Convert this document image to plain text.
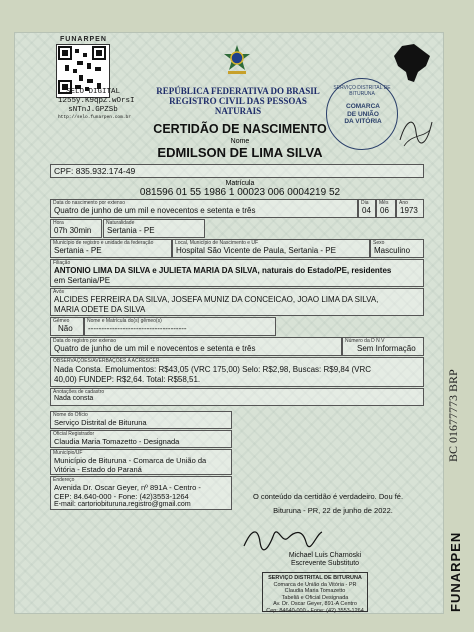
FUNARPEN
SELO DIGITAL
1255y.K9qpZ.wOrsI
sNTnJ.GPZSb
http://selo.funarpen.com.br
REPÚBLICA FEDERATIVA DO BRASIL
REGISTRO CIVIL DAS PESSOAS NATURAIS
SERVIÇO DISTRITAL DE BITURUNA
COMARCA DE UNIÃO DA VITÓRIA
CERTIDÃO DE NASCIMENTO
Nome
EDMILSON DE LIMA SILVA
CPF: 835.932.174-49
Matrícula
081596 01 55 1986 1 00023 006 0004219 52
Data do nascimento por extenso
Quatro de junho de um mil e novecentos e setenta e três
Dia
04
Mês
06
Ano
1973
Hora
07h 30min
Naturalidade
Sertania - PE
Município de registro e unidade da federação
Sertania - PE
Local, Município de Nascimento e UF
Hospital São Vicente de Paula, Sertania - PE
Sexo
Masculino
Filiação
ANTONIO LIMA DA SILVA e JULIETA MARIA DA SILVA, naturais do Estado/PE, residentes
em Sertania/PE
Avós
ALCIDES FERREIRA DA SILVA, JOSEFA MUNIZ DA CONCEICAO, JOAO LIMA DA SILVA,
MARIA ODETE DA SILVA
Gêmeo
Não
Nome e Matrícula do(s) gêmeo(s)
-------------------------------------
Data do registro por extenso
Quatro de junho de um mil e novecentos e setenta e três
Número da D N V
Sem Informação
OBSERVAÇÕES/AVERBAÇÕES A ACRESCER
Nada Consta. Emolumentos: R$43,05 (VRC 175,00) Selo: R$2,98, Buscas: R$9,84 (VRC
40,00) FUNDEP: R$2,64. Total: R$58,51.
Anotações de cadastro
Nada consta
Nome do Ofício
Serviço Distrital de Bituruna
Oficial Registrador
Claudia Maria Tomazetto - Designada
Município/UF
Município de Bituruna - Comarca de União da
Vitória - Estado do Paraná
Endereço
Avenida Dr. Oscar Geyer, nº 891A - Centro -
CEP: 84.640-000 - Fone: (42)3553-1264
E-mail: cartoriobituruna.registro@gmail.com
O conteúdo da certidão é verdadeiro. Dou fé.
Bituruna - PR, 22 de junho de 2022.
Michael Luis Charnoski
Escrevente Substituto
SERVIÇO DISTRITAL DE BITURUNA
Comarca de União da Vitória - PR
Claudia Maria Tomazetto
Tabeliã e Oficial Designada
Av. Dr. Oscar Geyer, 891-A Centro
Cep: 84640-000 - Fone: (42) 3553-1264
BC 01677773 BRP
FUNARPEN
